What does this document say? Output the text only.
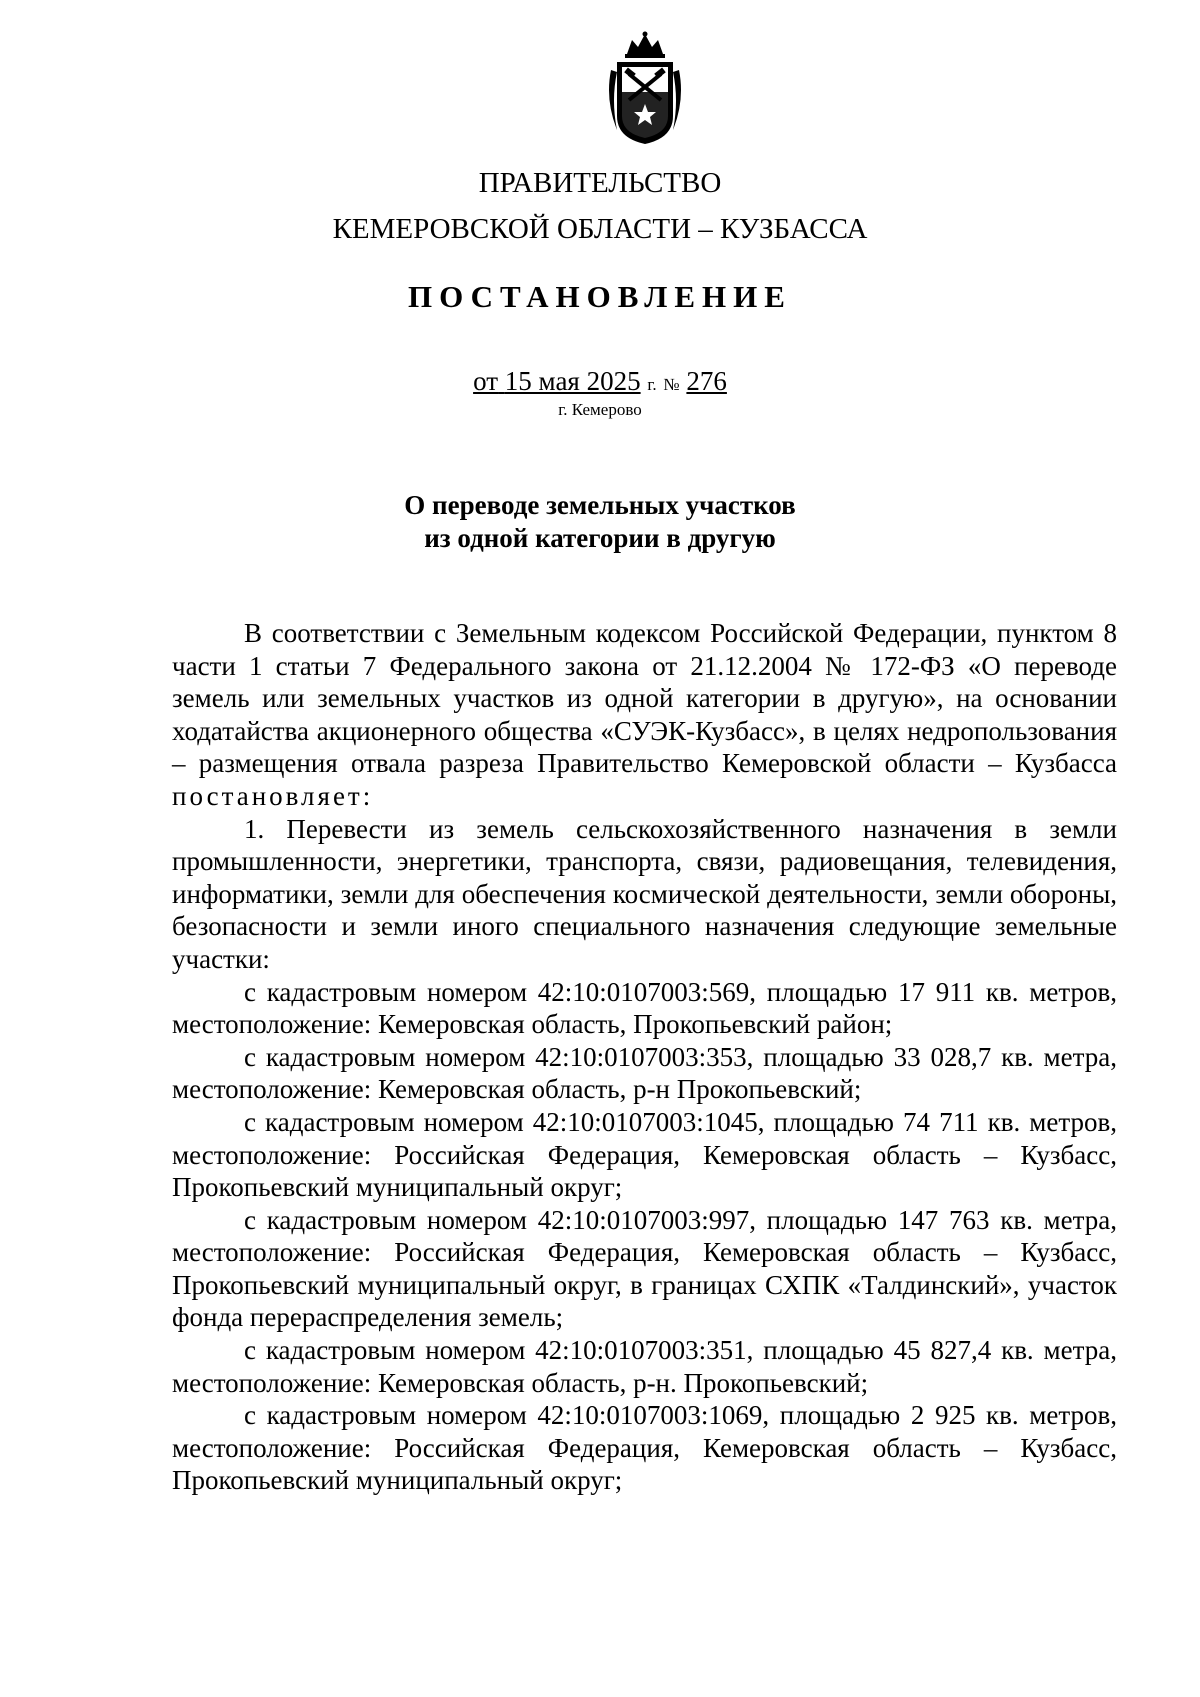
ПРАВИТЕЛЬСТВО
КЕМЕРОВСКОЙ ОБЛАСТИ – КУЗБАССА
ПОСТАНОВЛЕНИЕ
от 15 мая 2025 г. № 276
г. Кемерово
О переводе земельных участков
из одной категории в другую

В соответствии с Земельным кодексом Российской Федерации, пунктом 8 части 1 статьи 7 Федерального закона от 21.12.2004 № 172-ФЗ «О переводе земель или земельных участков из одной категории в другую», на основании ходатайства акционерного общества «СУЭК-Кузбасс», в целях недропользования – размещения отвала разреза Правительство Кемеровской области – Кузбасса постановляет:

1. Перевести из земель сельскохозяйственного назначения в земли промышленности, энергетики, транспорта, связи, радиовещания, телевидения, информатики, земли для обеспечения космической деятельности, земли обороны, безопасности и земли иного специального назначения следующие земельные участки:

с кадастровым номером 42:10:0107003:569, площадью 17 911 кв. метров, местоположение: Кемеровская область, Прокопьевский район;

с кадастровым номером 42:10:0107003:353, площадью 33 028,7 кв. метра, местоположение: Кемеровская область, р-н Прокопьевский;

с кадастровым номером 42:10:0107003:1045, площадью 74 711 кв. метров, местоположение: Российская Федерация, Кемеровская область – Кузбасс, Прокопьевский муниципальный округ;

с кадастровым номером 42:10:0107003:997, площадью 147 763 кв. метра, местоположение: Российская Федерация, Кемеровская область – Кузбасс, Прокопьевский муниципальный округ, в границах СХПК «Талдинский», участок фонда перераспределения земель;

с кадастровым номером 42:10:0107003:351, площадью 45 827,4 кв. метра, местоположение: Кемеровская область, р-н. Прокопьевский;

с кадастровым номером 42:10:0107003:1069, площадью 2 925 кв. метров, местоположение: Российская Федерация, Кемеровская область – Кузбасс, Прокопьевский муниципальный округ;
